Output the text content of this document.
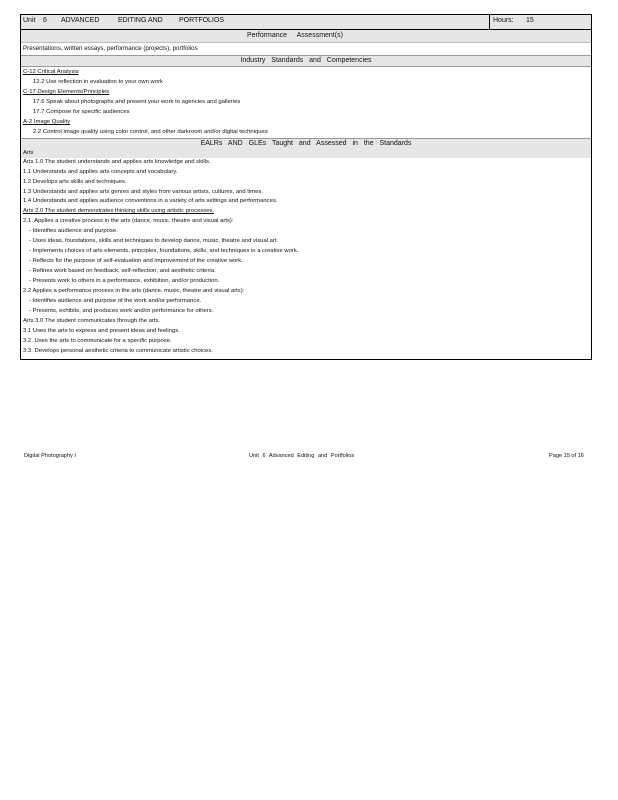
Unit 6 ADVANCED	EDITING AND PORTFOLIOS	Hours: 15
Performance Assessment(s)
Presentations, written essays, performance (projects), portfolios
Industry Standards and Competencies
C-12 Critical Analysis
12.2 Use reflection in evaluation to your own work
C-17 Design Elements/Principles
17.6 Speak about photographs and present your work to agencies and galleries
17.7 Compose for specific audiences
A-2 Image Quality
2.2 Control image quality using color control, and other darkroom and/or digital techniques
EALRs AND GLEs Taught and Assessed in the Standards
Arts
Arts 1.0 The student understands and applies arts knowledge and skills.
1.1 Understands and applies arts concepts and vocabulary.
1.2 Develops arts skills and techniques.
1.3 Understands and applies arts genres and styles from various artists, cultures, and times.
1.4 Understands and applies audience conventions in a variety of arts settings and performances.
Arts 2.0 The student demonstrates thinking skills using artistic processes.
2.1. Applies a creative process in the arts (dance, music, theatre and visual arts):
- Identifies audience and purpose.
- Uses ideas, foundations, skills and techniques to develop dance, music, theatre and visual art.
- Implements choices of arts elements, principles, foundations, skills, and techniques in a creative work.
- Reflects for the purpose of self-evaluation and improvement of the creative work.
- Refines work based on feedback, self-reflection, and aesthetic criteria.
- Presents work to others in a performance, exhibition, and/or production.
2.2 Applies a performance process in the arts (dance, music, theatre and visual arts):
- Identifies audience and purpose of the work and/or performance.
- Presents, exhibits, and produces work and/or performance for others.
Arts 3.0 The student communicates through the arts.
3.1 Uses the arts to express and present ideas and feelings.
3.2. Uses the arts to communicate for a specific purpose.
3.3. Develops personal aesthetic criteria to communicate artistic choices.
Digital Photography I	Unit 6 Advanced Editing and Portfolios	Page 15 of 16
